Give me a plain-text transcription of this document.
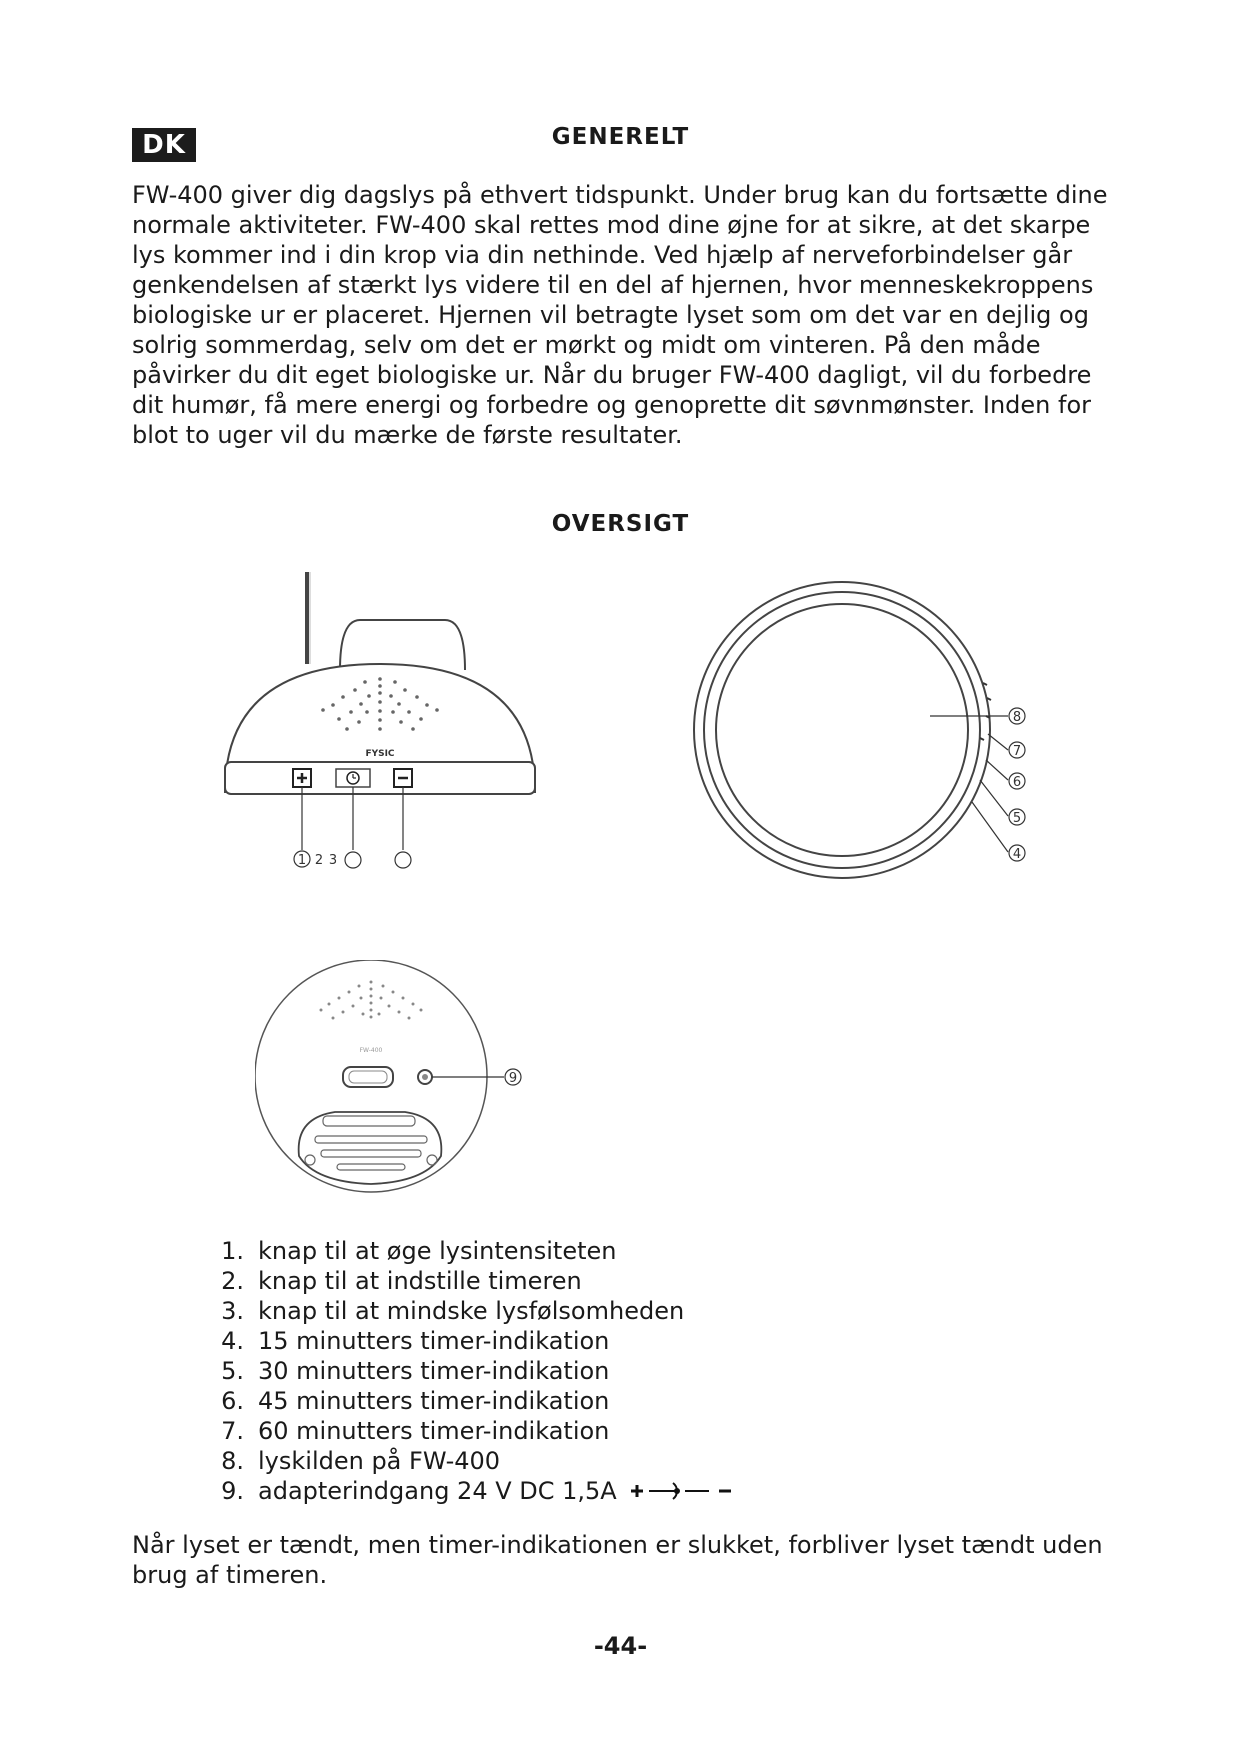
DK	GENERELT

FW-400 giver dig dagslys på ethvert tidspunkt. Under brug kan du fortsætte dine normale aktiviteter. FW-400 skal rettes mod dine øjne for at sikre, at det skarpe lys kommer ind i din krop via din nethinde. Ved hjælp af nerveforbindelser går genkendelsen af stærkt lys videre til en del af hjernen, hvor menneskekroppens biologiske ur er placeret. Hjernen vil betragte lyset som om det var en dejlig og solrig sommerdag, selv om det er mørkt og midt om vinteren. På den måde påvirker du dit eget biologiske ur. Når du bruger FW-400 dagligt, vil du forbedre dit humør, få mere energi og forbedre og genoprette dit søvnmønster. Inden for blot to uger vil du mærke de første resultater.

OVERSIGT
FYSIC
1 2 3
8
7
6
5
4
FW-400
9
1. knap til at øge lysintensiteten
2. knap til at indstille timeren
3. knap til at mindske lysfølsomheden
4. 15 minutters timer-indikation
5. 30 minutters timer-indikation
6. 45 minutters timer-indikation
7. 60 minutters timer-indikation
8. lyskilden på FW-400
9. adapterindgang 24 V DC 1,5A

Når lyset er tændt, men timer-indikationen er slukket, forbliver lyset tændt uden brug af timeren.

-44-
